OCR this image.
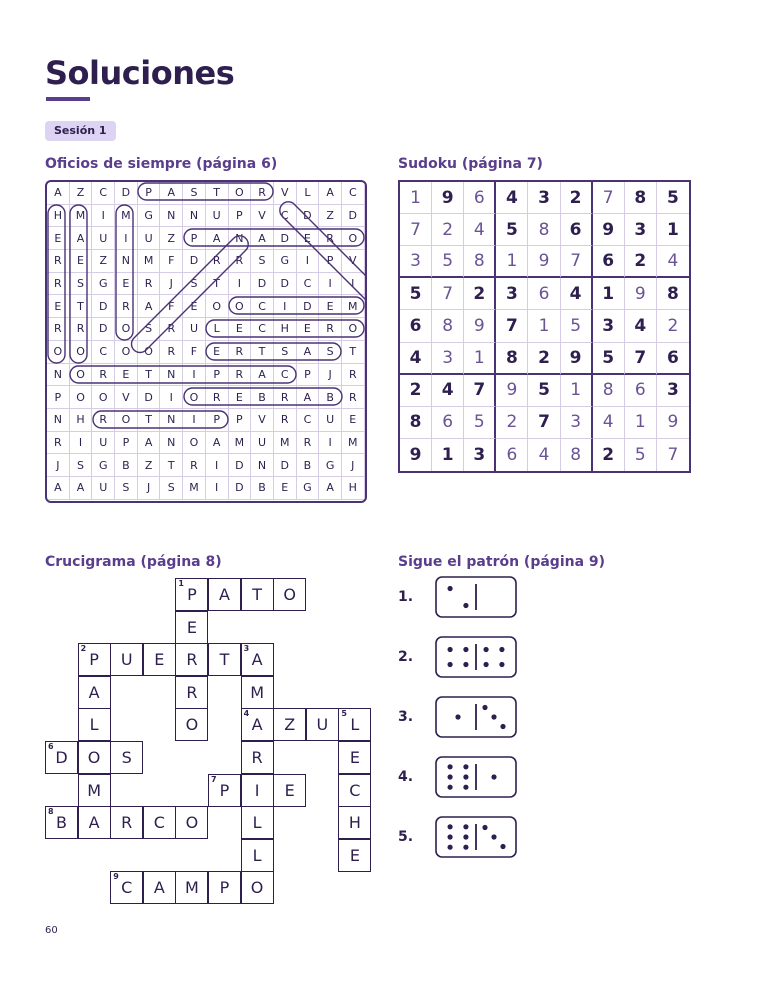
Soluciones
Sesión 1
Oficios de siempre (página 6)
A	Z	C	D	P	A	S	T	O	R	V	L	A	C
H	M	I	M	G	N	N	U	P	V	C	D	Z	D
E	A	U	I	U	Z	P	A	N	A	D	E	R	O
R	E	Z	N	M	F	D	R	R	S	G	I	P	V
R	S	G	E	R	J	S	T	I	D	D	C	I	I
E	T	D	R	A	F	E	O	O	C	I	D	E	M
R	R	D	O	S	R	U	L	E	C	H	E	R	O
O	O	C	O	O	R	F	E	R	T	S	A	S	T
N	O	R	E	T	N	I	P	R	A	C	P	J	R
P	O	O	V	D	I	O	R	E	B	R	A	B	R
N	H	R	O	T	N	I	P	P	V	R	C	U	E
R	I	U	P	A	N	O	A	M	U	M	R	I	M
J	S	G	B	Z	T	R	I	D	N	D	B	G	J
A	A	U	S	J	S	M	I	D	B	E	G	A	H
Sudoku (página 7)
1	9	6	4	3	2	7	8	5
7	2	4	5	8	6	9	3	1
3	5	8	1	9	7	6	2	4
5	7	2	3	6	4	1	9	8
6	8	9	7	1	5	3	4	2
4	3	1	8	2	9	5	7	6
2	4	7	9	5	1	8	6	3
8	6	5	2	7	3	4	1	9
9	1	3	6	4	8	2	5	7
Crucigrama (página 8)
P
1
A T O
E
P
2
U E R T A
3
A	R	M
L	O	A
4
Z U L
5
D
6
O S	R	E
M	P
7
I E	C
B
8
A R C O	L	H
L	E
C
9
A M P O
Sigue el patrón (página 9)
1.
2.
3.
4.
5.
60
